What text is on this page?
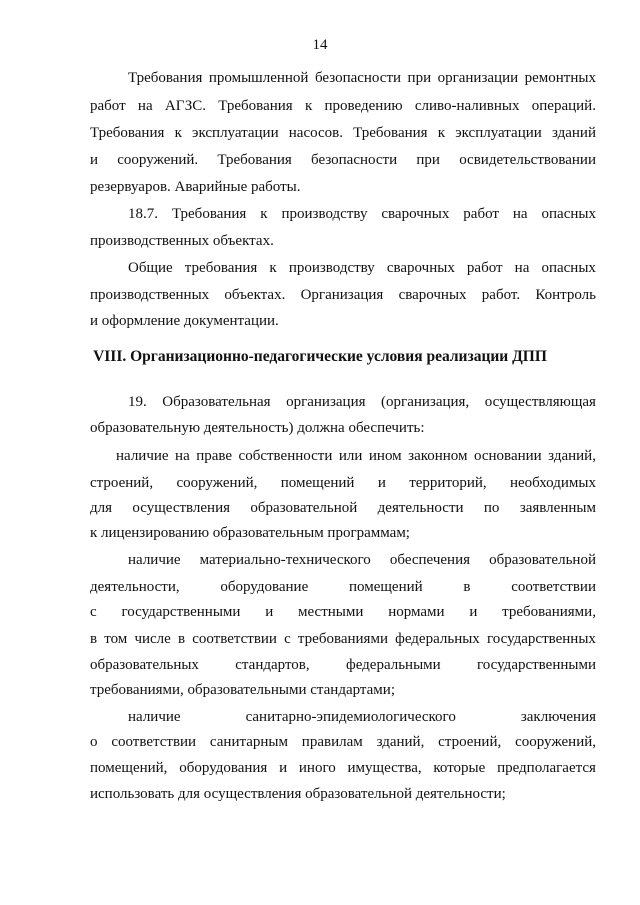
14
Требования промышленной безопасности при организации ремонтных
работ на АГЗС. Требования к проведению сливо-наливных операций.
Требования к эксплуатации насосов. Требования к эксплуатации зданий
и сооружений. Требования безопасности при освидетельствовании
резервуаров. Аварийные работы.
18.7. Требования к производству сварочных работ на опасных
производственных объектах.
Общие требования к производству сварочных работ на опасных
производственных объектах. Организация сварочных работ. Контроль
и оформление документации.
VIII. Организационно-педагогические условия реализации ДПП
19. Образовательная организация (организация, осуществляющая
образовательную деятельность) должна обеспечить:
наличие на праве собственности или ином законном основании зданий,
строений, сооружений, помещений и территорий, необходимых
для осуществления образовательной деятельности по заявленным
к лицензированию образовательным программам;
наличие материально-технического обеспечения образовательной
деятельности,	оборудование	помещений	в	соответствии
с государственными и местными нормами и требованиями,
в том числе в соответствии с требованиями федеральных государственных
образовательных стандартов, федеральными государственными
требованиями, образовательными стандартами;
наличие	санитарно-эпидемиологического	заключения
о соответствии санитарным правилам зданий, строений, сооружений,
помещений, оборудования и иного имущества, которые предполагается
использовать для осуществления образовательной деятельности;
